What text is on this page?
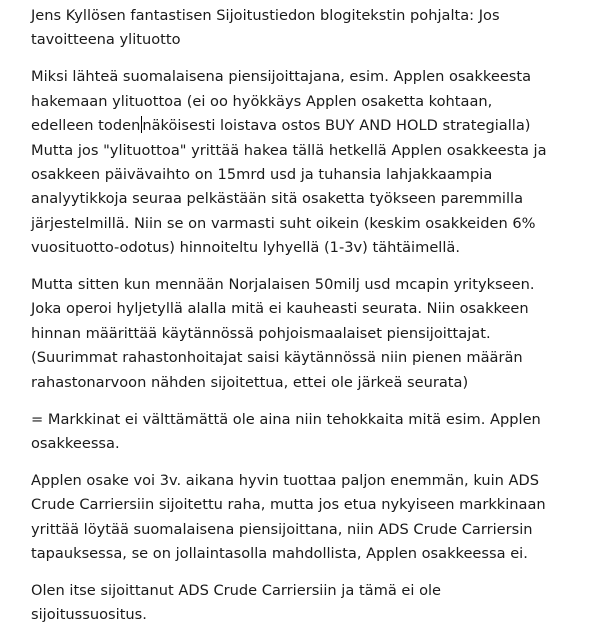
Jens Kyllösen fantastisen Sijoitustiedon blogitekstin pohjalta: Jos
tavoitteena ylituotto

Miksi lähteä suomalaisena piensijoittajana, esim. Applen osakkeesta
hakemaan ylituottoa (ei oo hyökkäys Applen osaketta kohtaan,
edelleen toden näköisesti loistava ostos BUY AND HOLD strategialla)
Mutta jos "ylituottoa" yrittää hakea tällä hetkellä Applen osakkeesta ja
osakkeen päivävaihto on 15mrd usd ja tuhansia lahjakkaampia
analyytikkoja seuraa pelkästään sitä osaketta työkseen paremmilla
järjestelmillä. Niin se on varmasti suht oikein (keskim osakkeiden 6%
vuosituotto-odotus) hinnoiteltu lyhyellä (1-3v) tähtäimellä.

Mutta sitten kun mennään Norjalaisen 50milj usd mcapin yritykseen.
Joka operoi hyljetyllä alalla mitä ei kauheasti seurata. Niin osakkeen
hinnan määrittää käytännössä pohjoismaalaiset piensijoittajat.
(Suurimmat rahastonhoitajat saisi käytännössä niin pienen määrän
rahastonarvoon nähden sijoitettua, ettei ole järkeä seurata)

= Markkinat ei välttämättä ole aina niin tehokkaita mitä esim. Applen
osakkeessa.

Applen osake voi 3v. aikana hyvin tuottaa paljon enemmän, kuin ADS
Crude Carriersiin sijoitettu raha, mutta jos etua nykyiseen markkinaan
yrittää löytää suomalaisena piensijoittana, niin ADS Crude Carriersin
tapauksessa, se on jollaintasolla mahdollista, Applen osakkeessa ei.

Olen itse sijoittanut ADS Crude Carriersiin ja tämä ei ole
sijoitussuositus.
